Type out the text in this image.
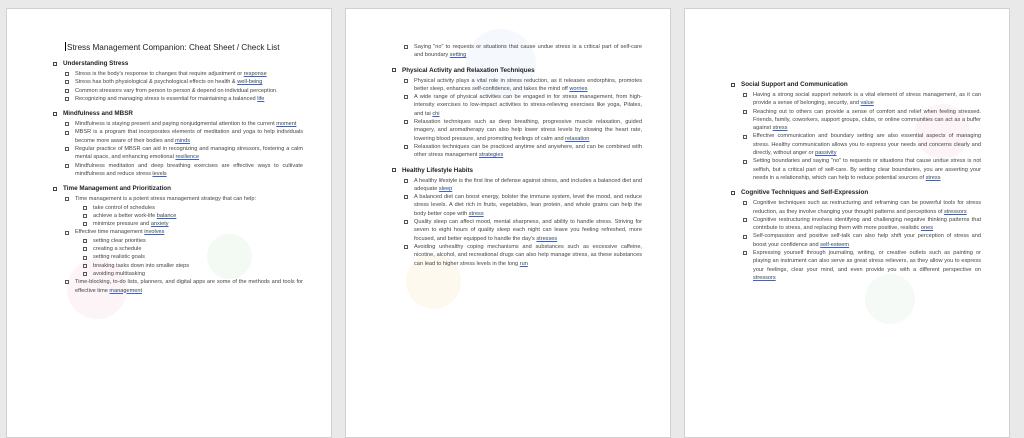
Stress Management Companion: Cheat Sheet / Check List
Understanding Stress
Stress is the body's response to changes that require adjustment or response
Stress has both physiological & psychological effects on health & well-being
Common stressors vary from person to person & depend on individual perception.
Recognizing and managing stress is essential for maintaining a balanced life
Mindfulness and MBSR
Mindfulness is staying present and paying nonjudgmental attention to the current moment
MBSR is a program that incorporates elements of meditation and yoga to help individuals become more aware of their bodies and minds
Regular practice of MBSR can aid in recognizing and managing stressors, fostering a calm mental space, and enhancing emotional resilience
Mindfulness meditation and deep breathing exercises are effective ways to cultivate mindfulness and reduce stress levels
Time Management and Prioritization
Time management is a potent stress management strategy that can help:
take control of schedules
achieve a better work-life balance
minimize pressure and anxiety
Effective time management involves
setting clear priorities
creating a schedule
setting realistic goals
breaking tasks down into smaller steps
avoiding multitasking
Time-blocking, to-do lists, planners, and digital apps are some of the methods and tools for effective time management
Saying "no" to requests or situations that cause undue stress is a critical part of self-care and boundary setting
Physical Activity and Relaxation Techniques
Physical activity plays a vital role in stress reduction, as it releases endorphins, promotes better sleep, enhances self-confidence, and takes the mind off worries
A wide range of physical activities can be engaged in for stress management, from high-intensity exercises to low-impact activities to stress-relieving exercises like yoga, Pilates, and tai chi
Relaxation techniques such as deep breathing, progressive muscle relaxation, guided imagery, and aromatherapy can also help lower stress levels by slowing the heart rate, lowering blood pressure, and promoting feelings of calm and relaxation
Relaxation techniques can be practiced anytime and anywhere, and can be combined with other stress management strategies
Healthy Lifestyle Habits
A healthy lifestyle is the first line of defense against stress, and includes a balanced diet and adequate sleep
A balanced diet can boost energy, bolster the immune system, level the mood, and reduce stress levels. A diet rich in fruits, vegetables, lean protein, and whole grains can help the body better cope with stress
Quality sleep can affect mood, mental sharpness, and ability to handle stress. Striving for seven to eight hours of quality sleep each night can leave you feeling refreshed, more focused, and better equipped to handle the day's stresses
Avoiding unhealthy coping mechanisms and substances such as excessive caffeine, nicotine, alcohol, and recreational drugs can also help manage stress, as these substances can lead to higher stress levels in the long run
Social Support and Communication
Having a strong social support network is a vital element of stress management, as it can provide a sense of belonging, security, and value
Reaching out to others can provide a sense of comfort and relief when feeling stressed. Friends, family, coworkers, support groups, clubs, or online communities can act as a buffer against stress
Effective communication and boundary setting are also essential aspects of managing stress. Healthy communication allows you to express your needs and concerns clearly and directly, without anger or passivity
Setting boundaries and saying "no" to requests or situations that cause undue stress is not selfish, but a critical part of self-care. By setting clear boundaries, you are asserting your needs in a relationship, which can help to reduce potential sources of stress
Cognitive Techniques and Self-Expression
Cognitive techniques such as restructuring and reframing can be powerful tools for stress reduction, as they involve changing your thought patterns and perceptions of stressors
Cognitive restructuring involves identifying and challenging negative thinking patterns that contribute to stress, and replacing them with more positive, realistic ones
Self-compassion and positive self-talk can also help shift your perception of stress and boost your confidence and self-esteem
Expressing yourself through journaling, writing, or creative outlets such as painting or playing an instrument can also serve as great stress relievers, as they allow you to express your feelings, clear your mind, and even provide you with a different perspective on stressors
